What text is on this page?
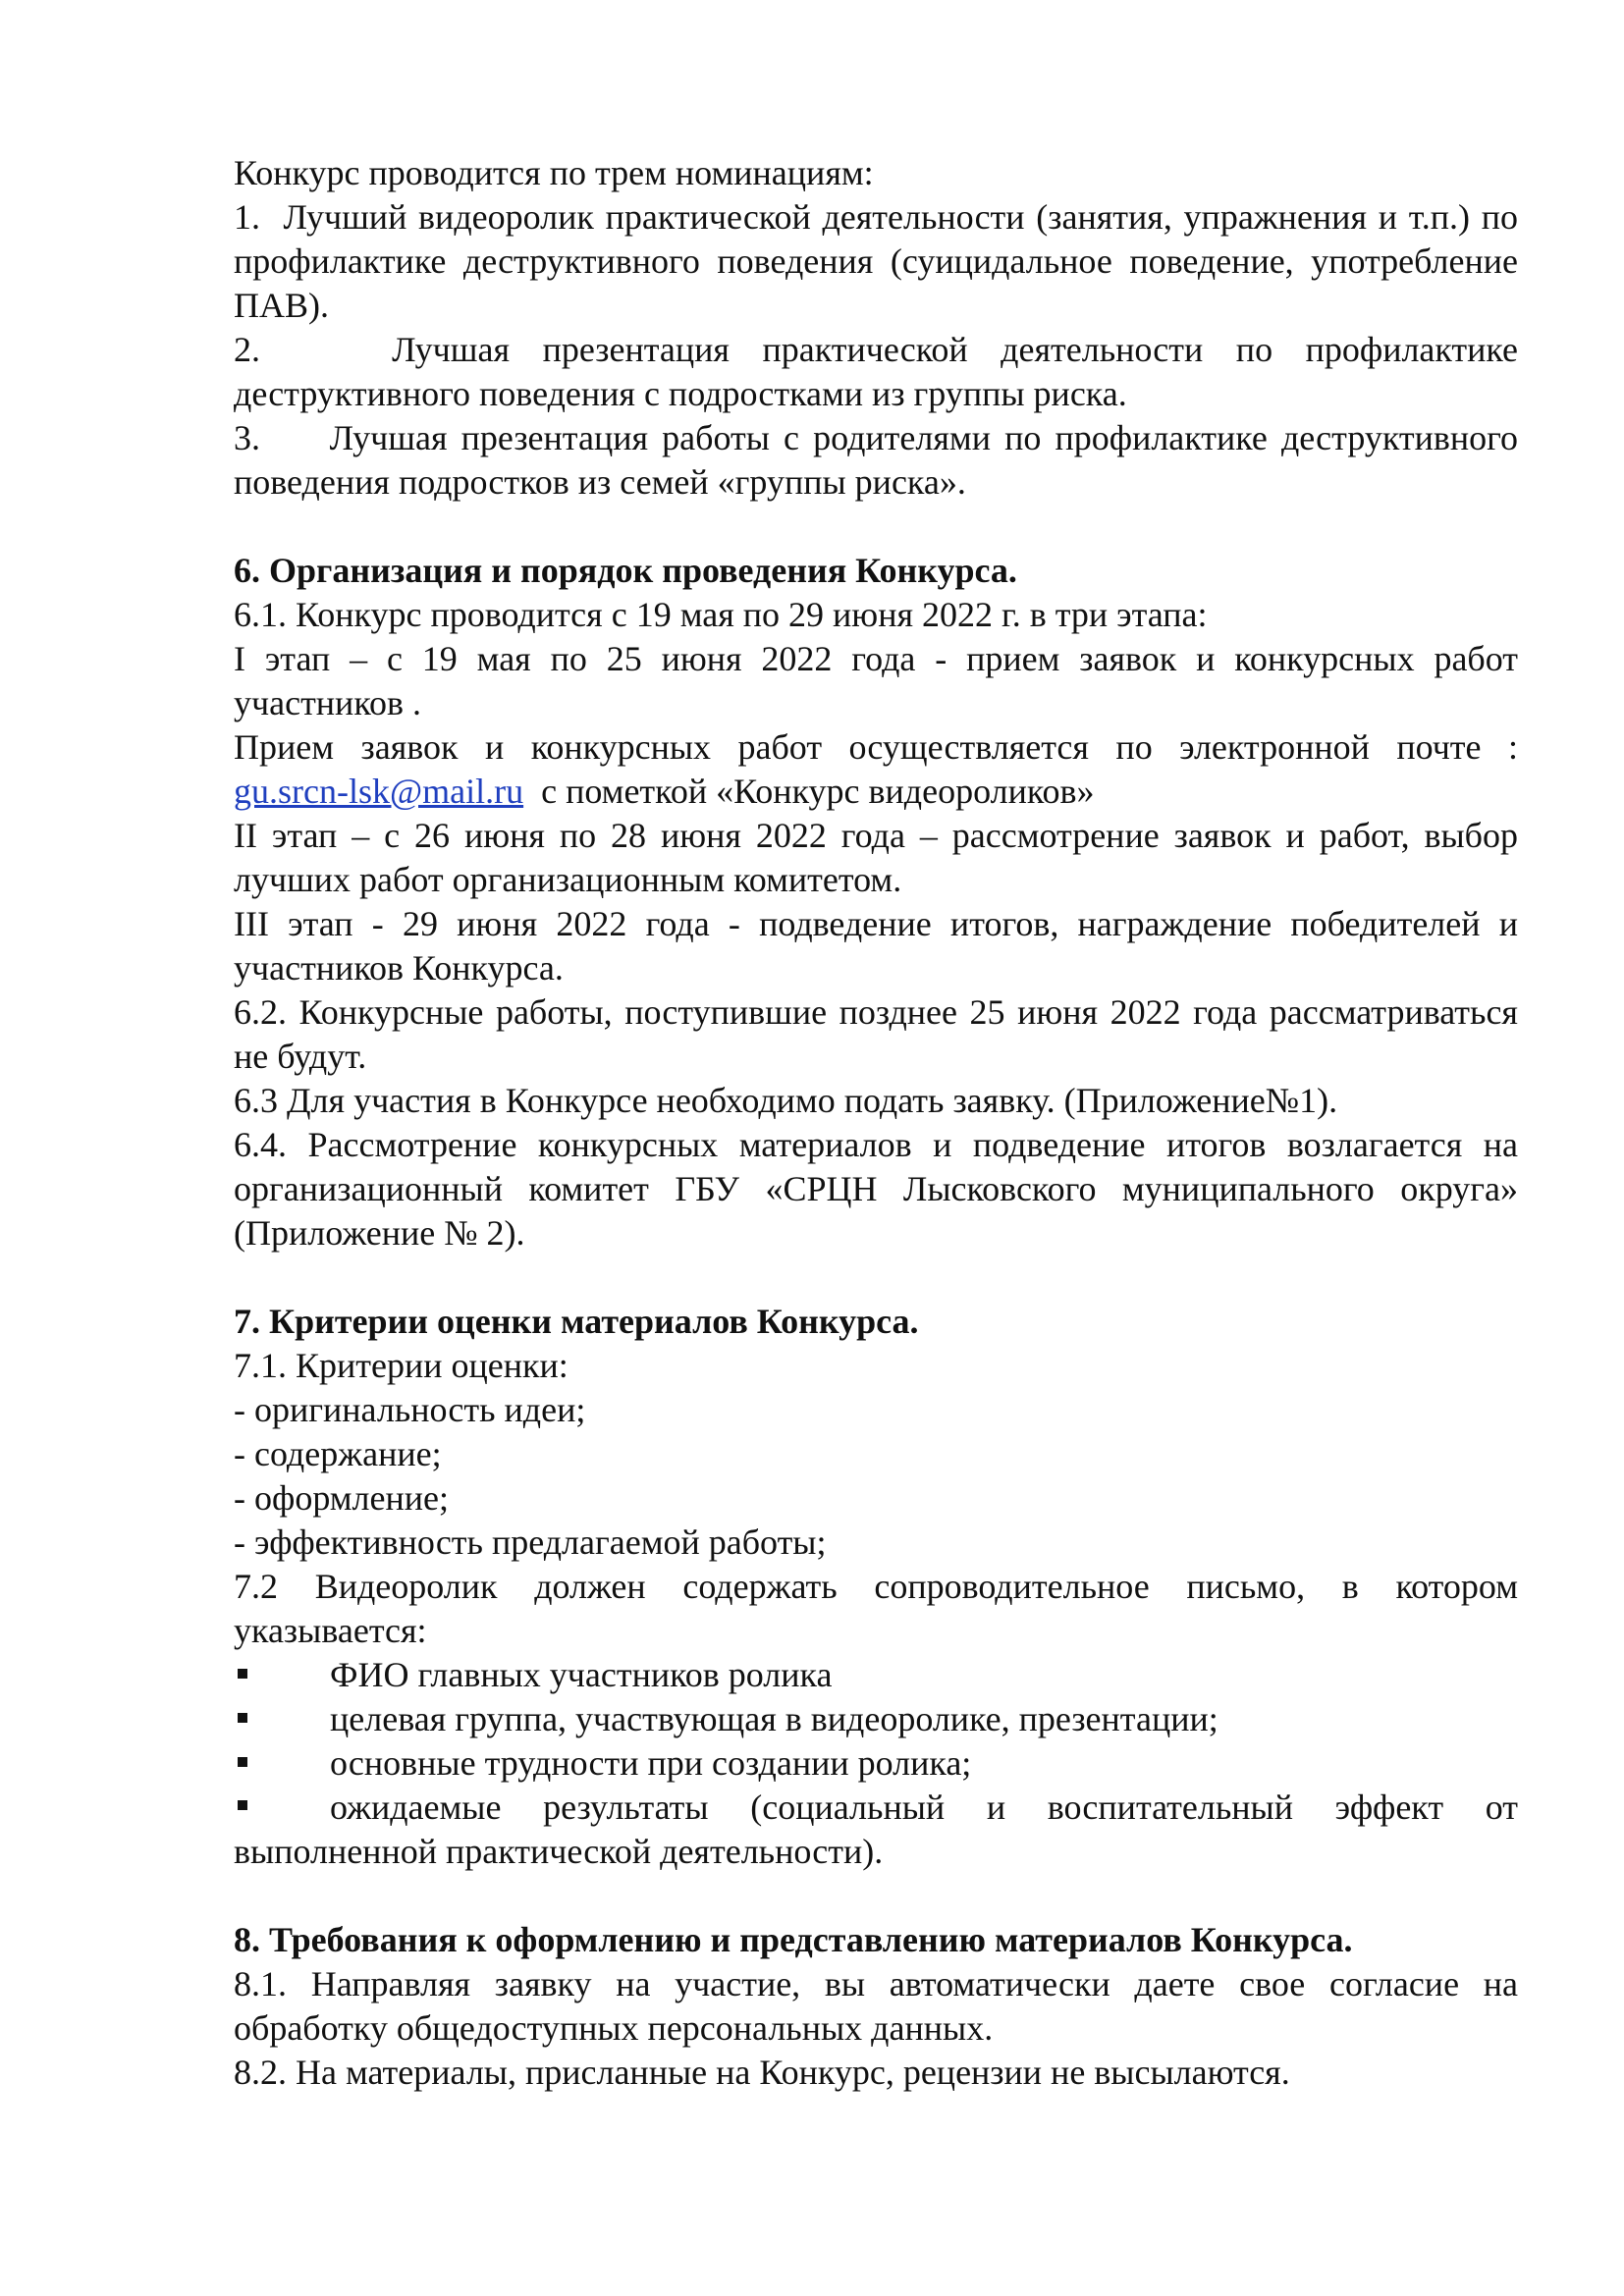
Конкурс проводится по трем номинациям:

1. Лучший видеоролик практической деятельности (занятия, упражнения и т.п.) по профилактике деструктивного поведения (суицидальное поведение, употребление ПАВ).

2.	Лучшая презентация практической деятельности по профилактике деструктивного поведения с подростками из группы риска.

3. Лучшая презентация работы с родителями по профилактике деструктивного поведения подростков из семей «группы риска».

6. Организация и порядок проведения Конкурса.

6.1. Конкурс проводится с 19 мая по 29 июня 2022 г. в три этапа:

I этап – с 19 мая по 25 июня 2022 года - прием заявок и конкурсных работ участников .

Прием заявок и конкурсных работ осуществляется по электронной почте :

gu.srcn-lsk@mail.ru  с пометкой «Конкурс видеороликов»

II этап – с 26 июня по 28 июня 2022 года – рассмотрение заявок и работ, выбор лучших работ организационным комитетом.

III этап - 29 июня 2022 года - подведение итогов, награждение победителей и участников Конкурса.

6.2. Конкурсные работы, поступившие позднее 25 июня 2022 года рассматриваться не будут.

6.3 Для участия в Конкурсе необходимо подать заявку. (Приложение№1).

6.4. Рассмотрение конкурсных материалов и подведение итогов возлагается на организационный комитет ГБУ «СРЦН Лысковского муниципального округа» (Приложение № 2).

7. Критерии оценки материалов Конкурса.

7.1. Критерии оценки:

- оригинальность идеи;

- содержание;

- оформление;

- эффективность предлагаемой работы;

7.2 Видеоролик должен содержать сопроводительное письмо, в котором указывается:

ФИО главных участников ролика
целевая группа, участвующая в видеоролике, презентации;
основные трудности при создании ролика;

ожидаемые результаты (социальный и воспитательный эффект от выполненной практической деятельности).

8. Требования к оформлению и представлению материалов Конкурса.

8.1. Направляя заявку на участие, вы автоматически даете свое согласие на обработку общедоступных персональных данных.

8.2. На материалы, присланные на Конкурс, рецензии не высылаются.
